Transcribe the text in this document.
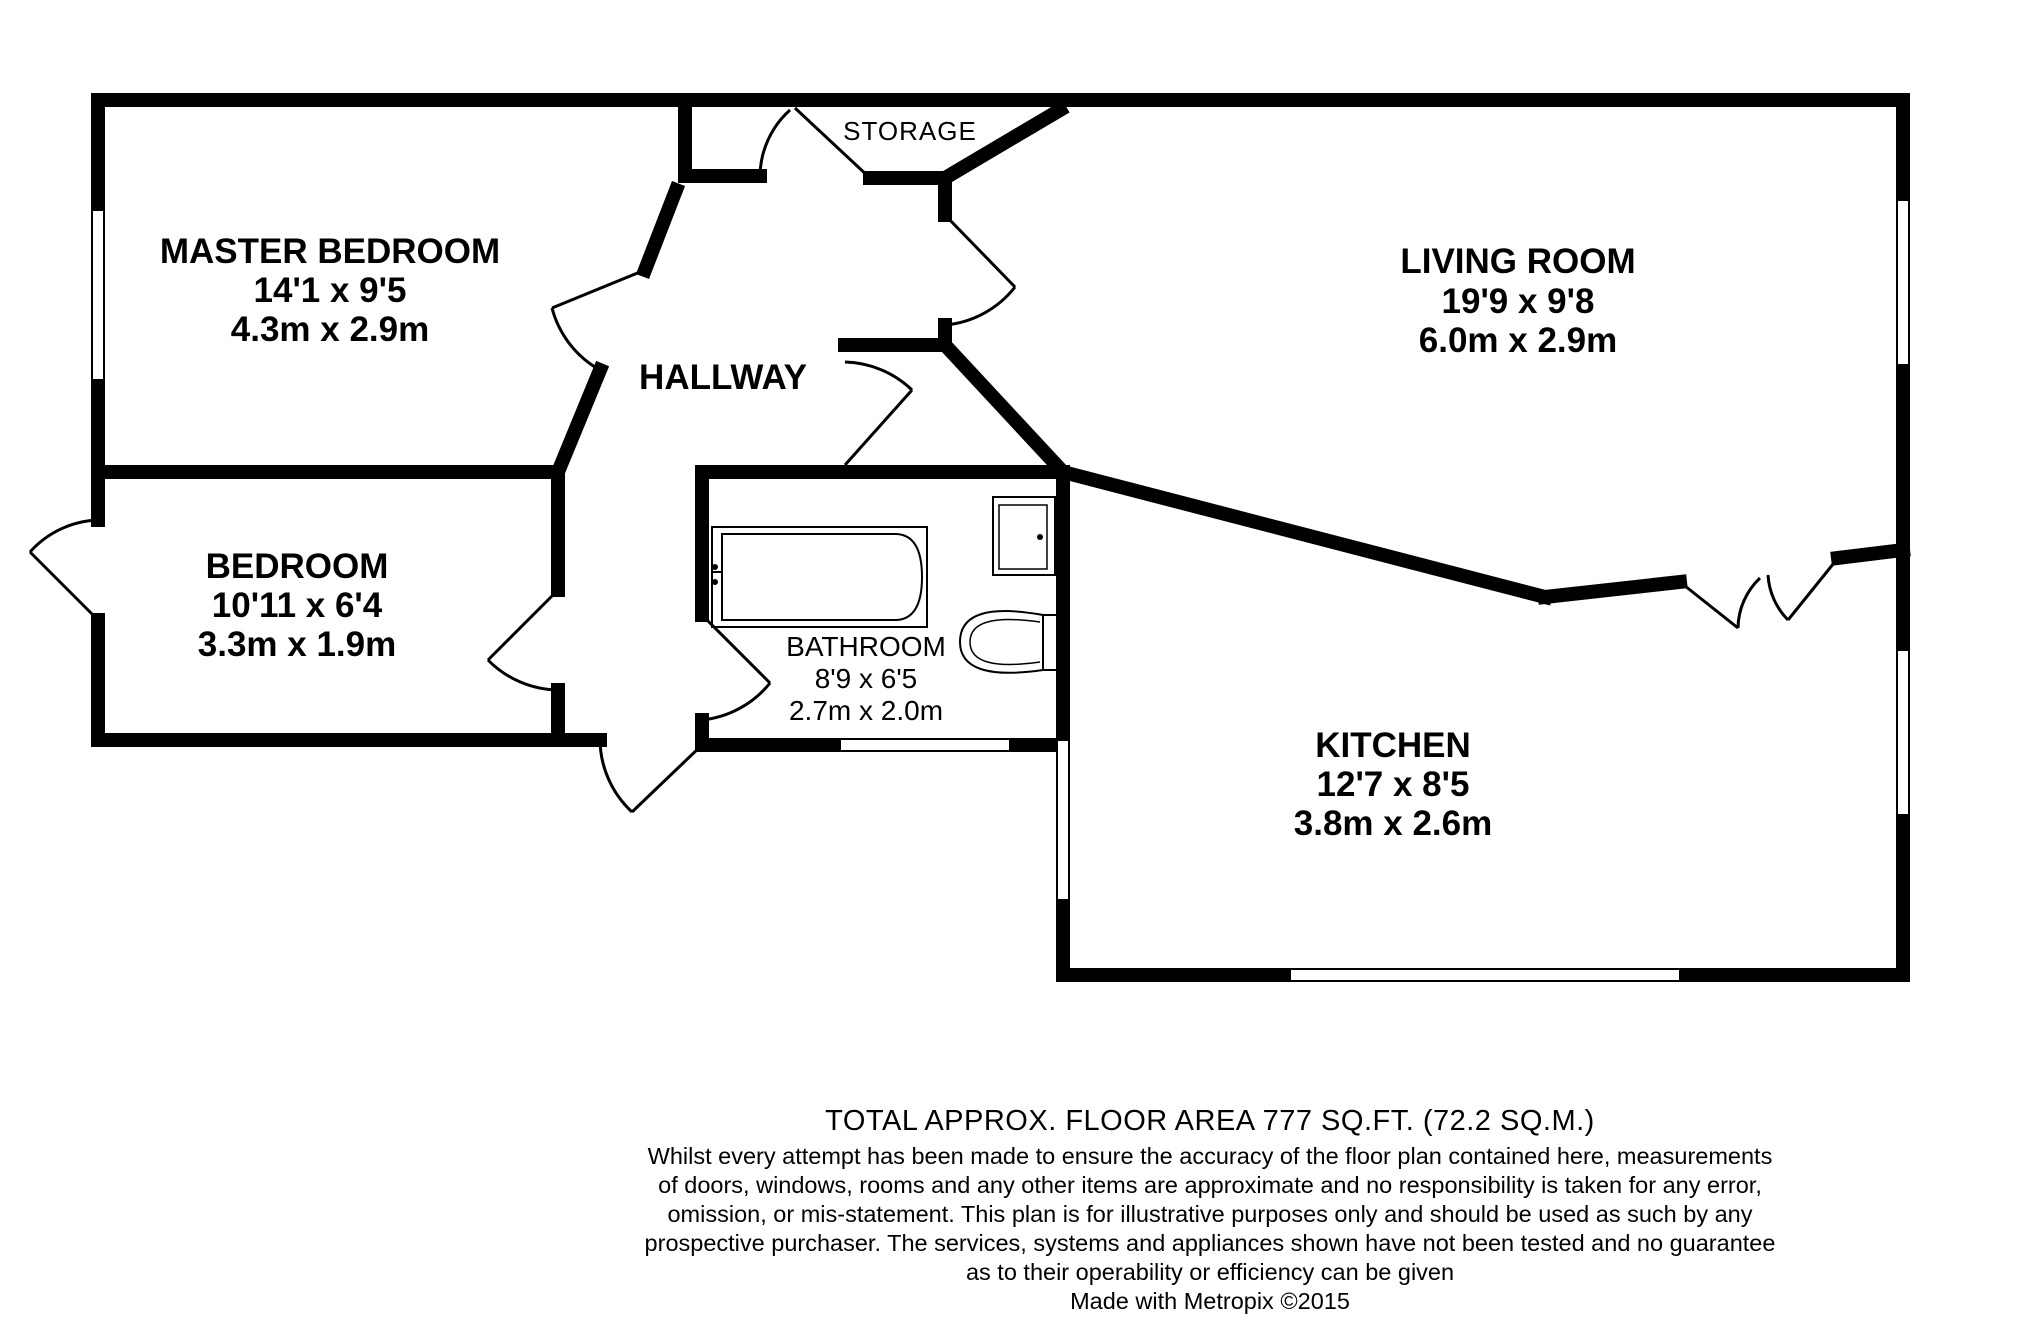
MASTER BEDROOM
14'1 x 9'5
4.3m x 2.9m
LIVING ROOM
19'9 x 9'8
6.0m x 2.9m
HALLWAY
BEDROOM
10'11 x 6'4
3.3m x 1.9m	BATHROOM
8'9 x 6'5
2.7m x 2.0m
KITCHEN
12'7 x 8'5
3.8m x 2.6m
STORAGE
TOTAL APPROX. FLOOR AREA 777 SQ.FT. (72.2 SQ.M.)
Whilst every attempt has been made to ensure the accuracy of the floor plan contained here, measurements
of doors, windows, rooms and any other items are approximate and no responsibility is taken for any error,
omission, or mis-statement. This plan is for illustrative purposes only and should be used as such by any
prospective purchaser. The services, systems and appliances shown have not been tested and no guarantee
as to their operability or efficiency can be given
Made with Metropix ©2015
